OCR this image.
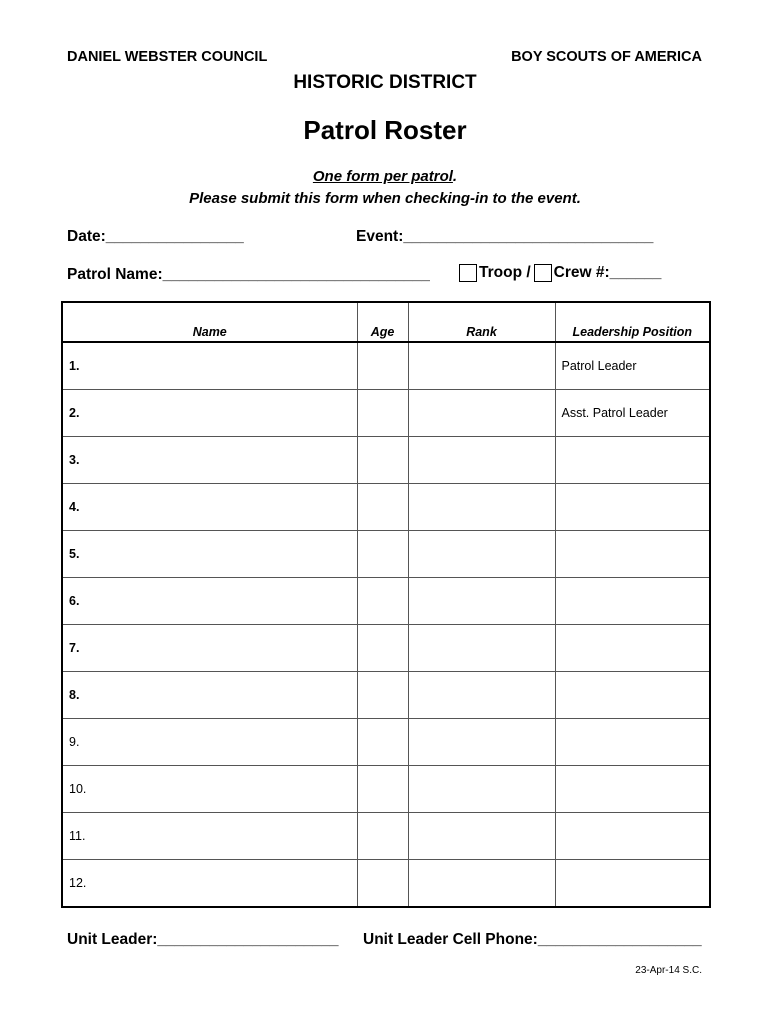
DANIEL WEBSTER COUNCIL	BOY SCOUTS OF AMERICA
HISTORIC DISTRICT
Patrol Roster
One form per patrol.
Please submit this form when checking-in to the event.
Date:________________	Event:_____________________________
Patrol Name:_______________________________	Troop / Crew #:______
Name	Age	Rank	Leadership Position
1.			Patrol Leader
2.			Asst. Patrol Leader
3.			
4.			
5.			
6.			
7.			
8.			
9.			
10.			
11.			
12.			
Unit Leader:_____________________ Unit Leader Cell Phone:___________________
23-Apr-14 S.C.
